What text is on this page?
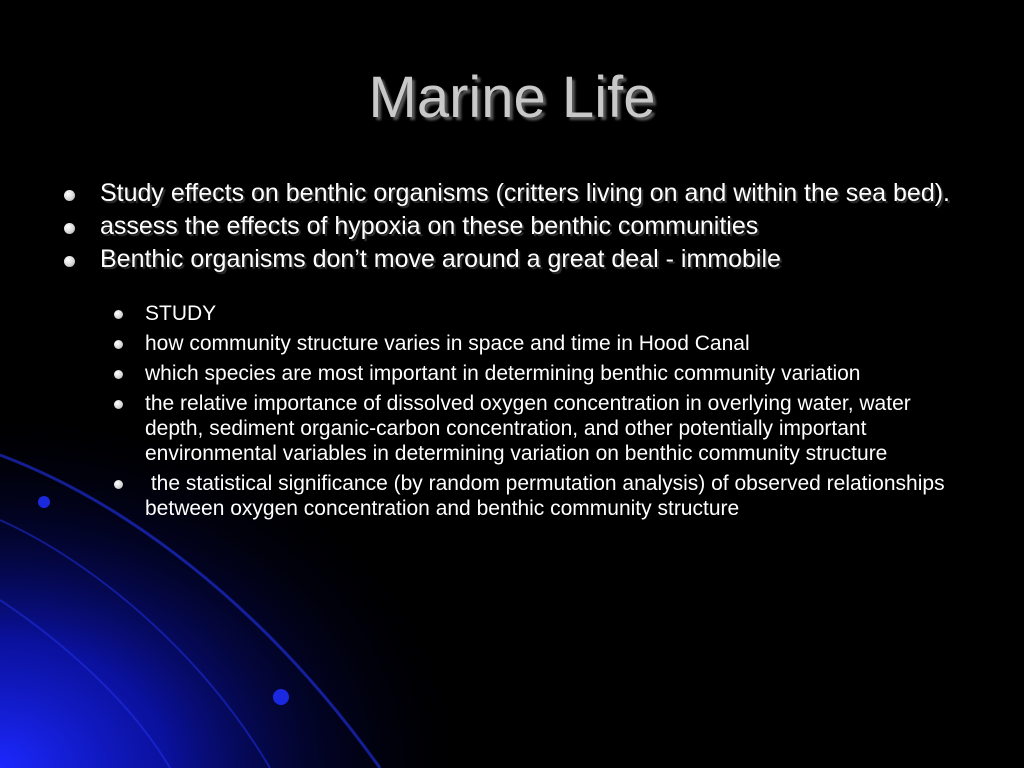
Marine Life
Study effects on benthic organisms (critters living on and within the sea bed).
assess the effects of hypoxia on these benthic communities
Benthic organisms don’t move around a great deal - immobile
STUDY
how community structure varies in space and time in Hood Canal
which species are most important in determining benthic community variation
the relative importance of dissolved oxygen concentration in overlying water, water depth, sediment organic-carbon concentration, and other potentially important environmental variables in determining variation on benthic community structure
the statistical significance (by random permutation analysis) of observed relationships between oxygen concentration and benthic community structure
